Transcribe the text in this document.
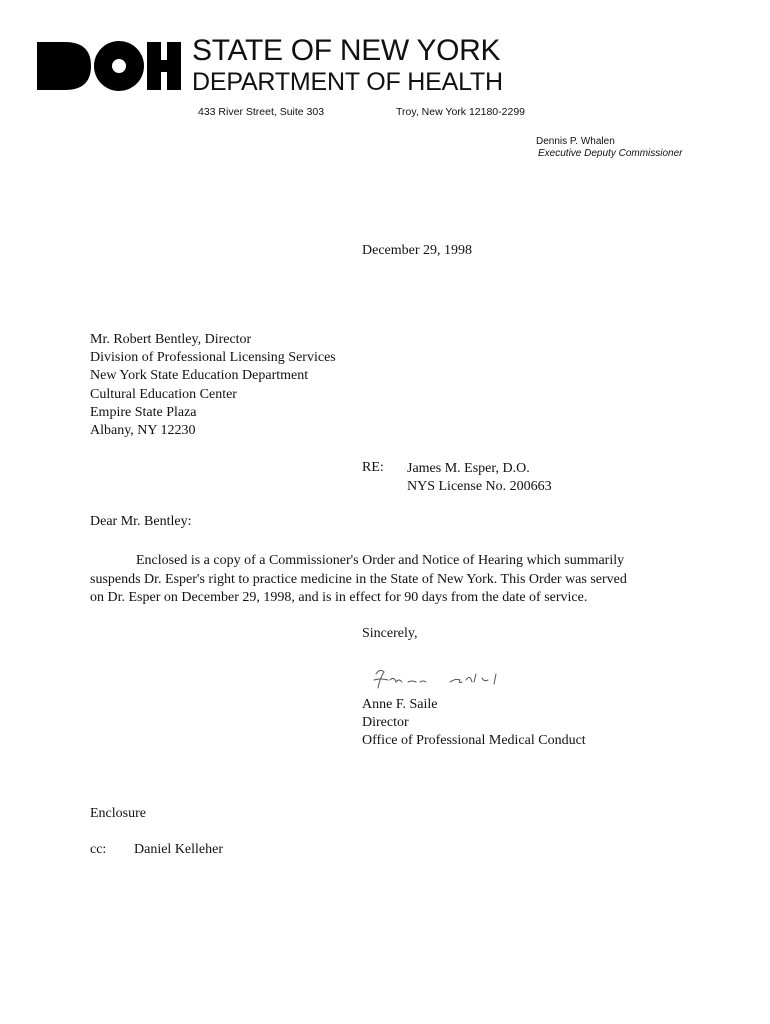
STATE OF NEW YORK
DEPARTMENT OF HEALTH
433 River Street, Suite 303	Troy, New York 12180-2299
Dennis P. Whalen
Executive Deputy Commissioner
December 29, 1998
Mr. Robert Bentley, Director
Division of Professional Licensing Services
New York State Education Department
Cultural Education Center
Empire State Plaza
Albany, NY 12230
RE: James M. Esper, D.O.
NYS License No. 200663
Dear Mr. Bentley:
Enclosed is a copy of a Commissioner's Order and Notice of Hearing which summarily
suspends Dr. Esper's right to practice medicine in the State of New York. This Order was served
on Dr. Esper on December 29, 1998, and is in effect for 90 days from the date of service.
Sincerely,
Anne F. Saile
Director
Office of Professional Medical Conduct
Enclosure
cc: Daniel Kelleher
